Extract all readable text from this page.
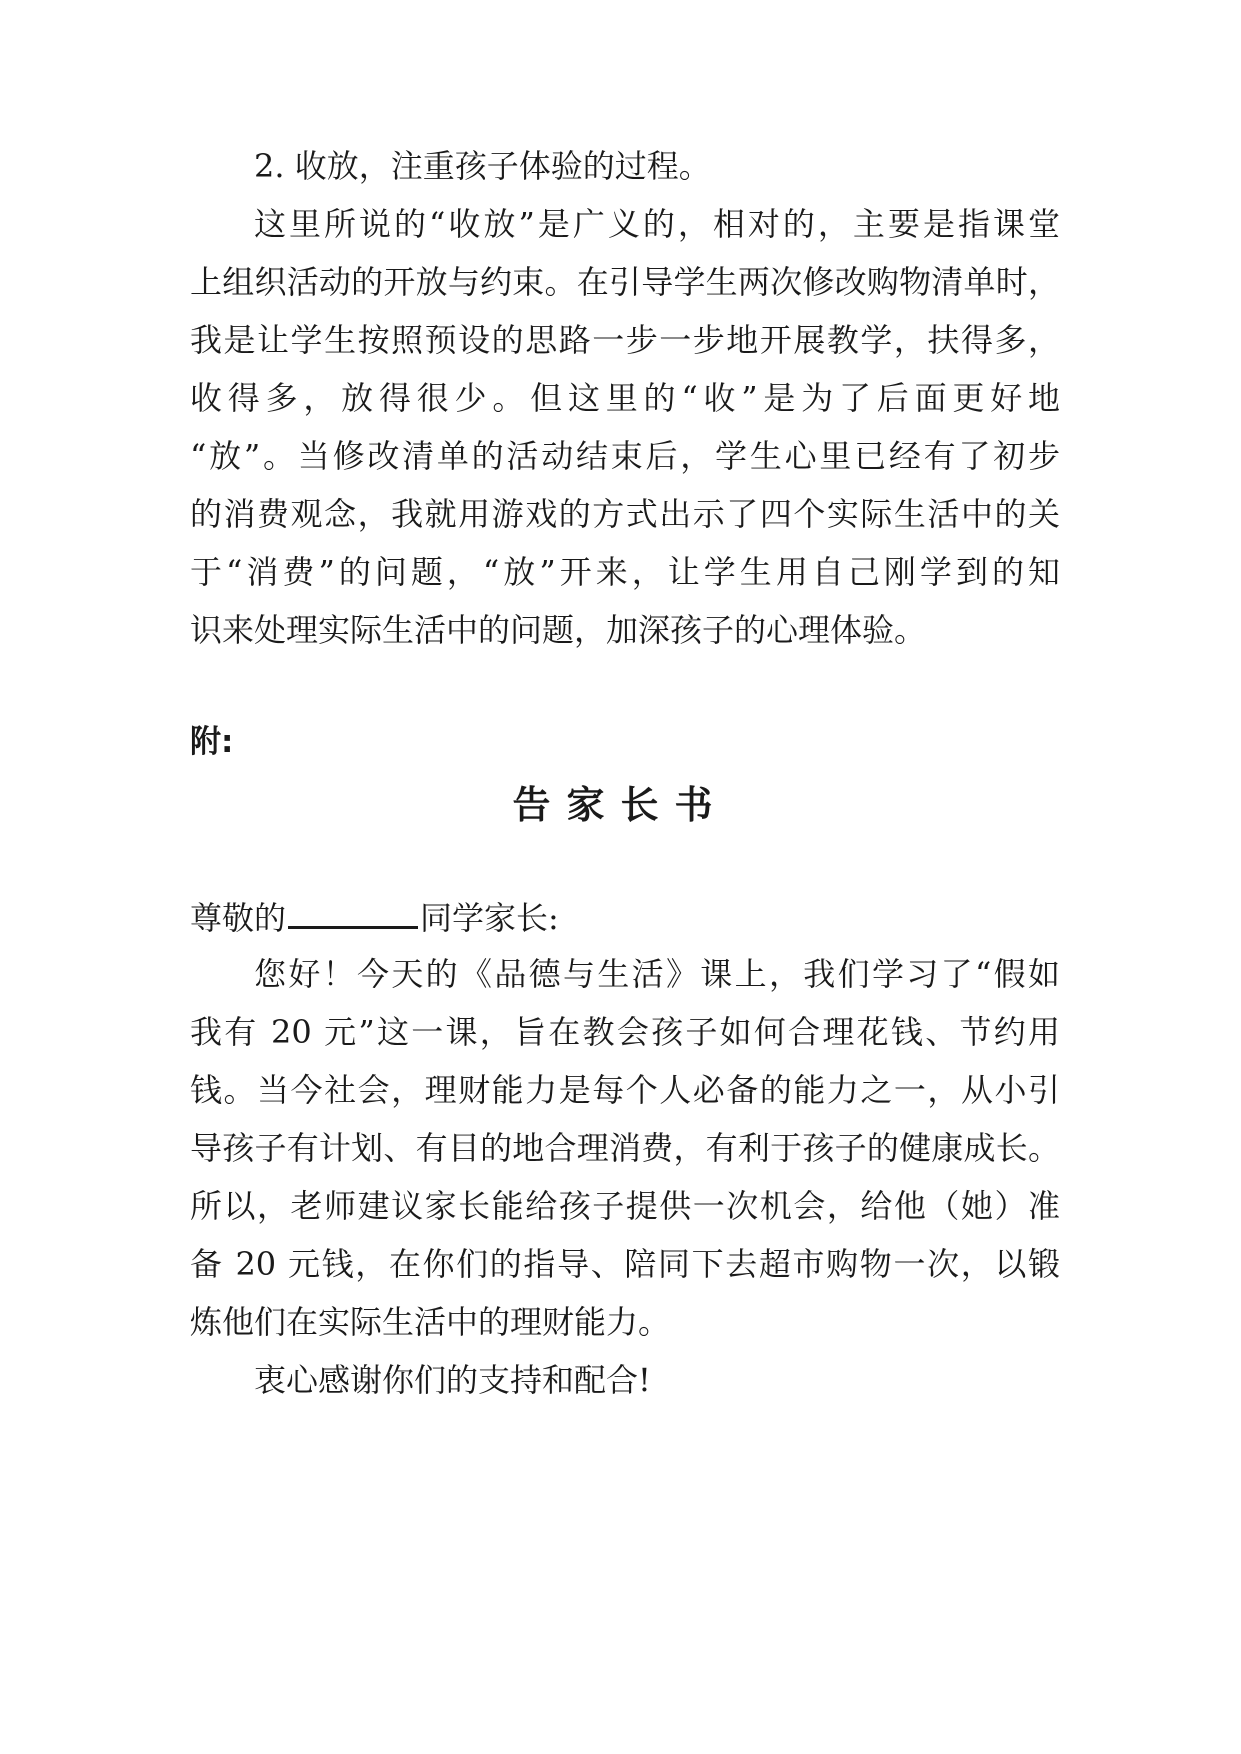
2. 收放，注重孩子体验的过程。
这里所说的“收放”是广义的，相对的，主要是指课堂
上组织活动的开放与约束。在引导学生两次修改购物清单时，
我是让学生按照预设的思路一步一步地开展教学，扶得多，
收得多，放得很少。但这里的“收”是为了后面更好地
“放”。当修改清单的活动结束后，学生心里已经有了初步
的消费观念，我就用游戏的方式出示了四个实际生活中的关
于“消费”的问题，“放”开来，让学生用自己刚学到的知
识来处理实际生活中的问题，加深孩子的心理体验。
附:
告家长书
尊敬的	同学家长:
您好！今天的《品德与生活》课上，我们学习了“假如
我有 20 元”这一课，旨在教会孩子如何合理花钱、节约用
钱。当今社会，理财能力是每个人必备的能力之一，从小引
导孩子有计划、有目的地合理消费，有利于孩子的健康成长。
所以，老师建议家长能给孩子提供一次机会，给他（她）准
备 20 元钱，在你们的指导、陪同下去超市购物一次，以锻
炼他们在实际生活中的理财能力。
衷心感谢你们的支持和配合!
